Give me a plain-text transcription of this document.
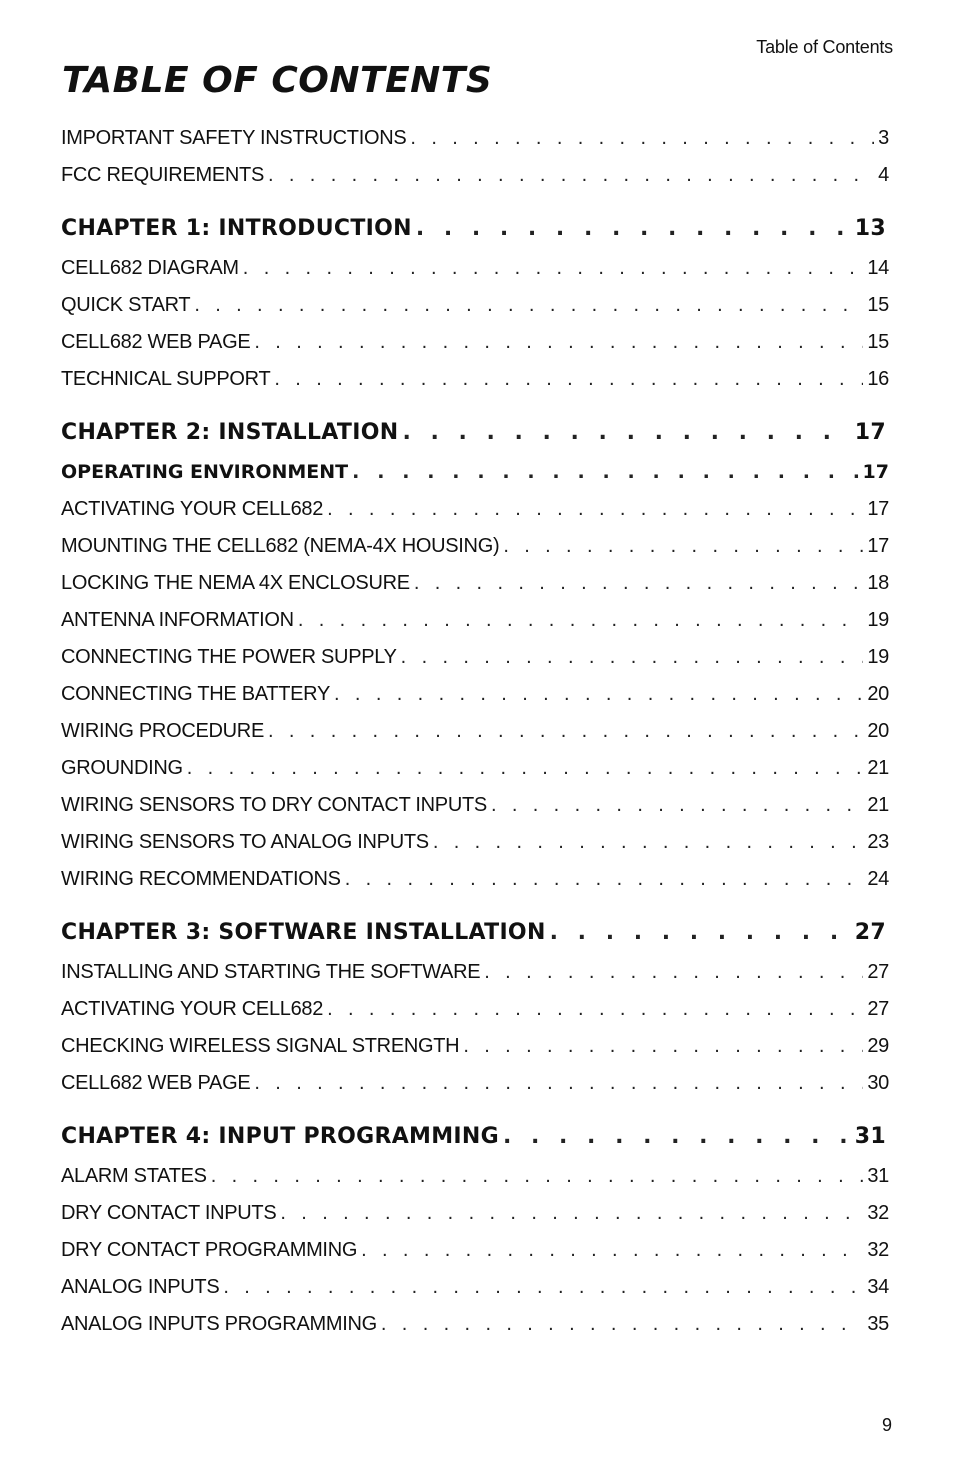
Table of Contents
TABLE OF CONTENTS
IMPORTANT SAFETY INSTRUCTIONS . . .	3
FCC REQUIREMENTS . . .	4
CHAPTER 1: INTRODUCTION . . .	13
CELL682 DIAGRAM . . .	14
QUICK START . . .	15
CELL682 WEB PAGE . . .	15
TECHNICAL SUPPORT . . .	16
CHAPTER 2: INSTALLATION . . .	17
OPERATING ENVIRONMENT . . .	17
ACTIVATING YOUR CELL682 . . .	17
MOUNTING THE CELL682 (NEMA-4X HOUSING) . . .	17
LOCKING THE NEMA 4X ENCLOSURE . . .	18
ANTENNA INFORMATION . . .	19
CONNECTING THE POWER SUPPLY . . .	19
CONNECTING THE BATTERY . . .	20
WIRING PROCEDURE . . .	20
GROUNDING . . .	21
WIRING SENSORS TO DRY CONTACT INPUTS . . .	21
WIRING SENSORS TO ANALOG INPUTS . . .	23
WIRING RECOMMENDATIONS . . .	24
CHAPTER 3: SOFTWARE INSTALLATION . . .	27
INSTALLING AND STARTING THE SOFTWARE . . .	27
ACTIVATING YOUR CELL682 . . .	27
CHECKING WIRELESS SIGNAL STRENGTH . . .	29
CELL682 WEB PAGE . . .	30
CHAPTER 4: INPUT PROGRAMMING . . .	31
ALARM STATES . . .	31
DRY CONTACT INPUTS . . .	32
DRY CONTACT PROGRAMMING . . .	32
ANALOG INPUTS . . .	34
ANALOG INPUTS PROGRAMMING . . .	35
9
